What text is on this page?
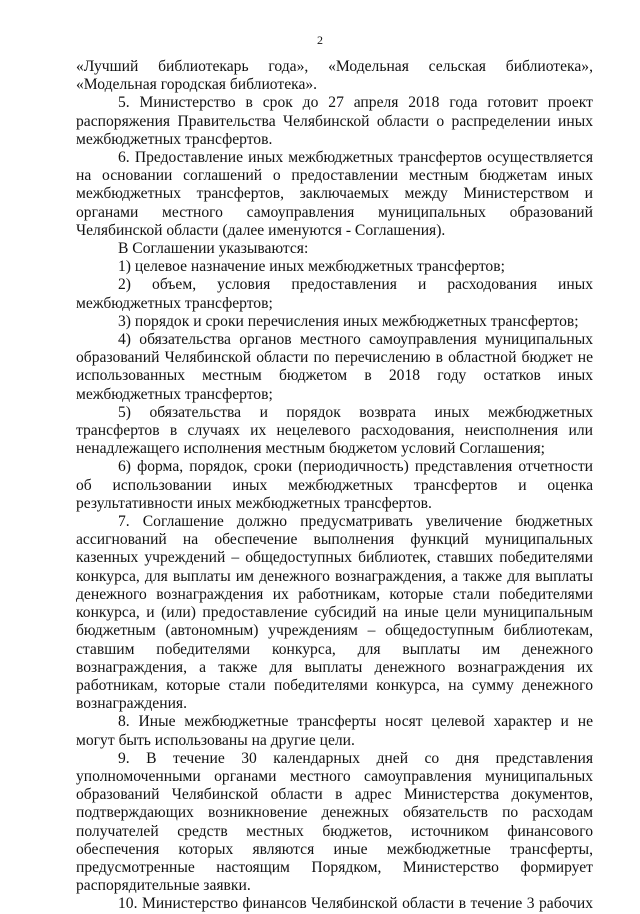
2

«Лучший библиотекарь года», «Модельная сельская библиотека», «Модельная городская библиотека».

5. Министерство в срок до 27 апреля 2018 года готовит проект распоряжения Правительства Челябинской области о распределении иных межбюджетных трансфертов.

6. Предоставление иных межбюджетных трансфертов осуществляется на основании соглашений о предоставлении местным бюджетам иных межбюджетных трансфертов, заключаемых между Министерством и органами местного самоуправления муниципальных образований Челябинской области (далее именуются - Соглашения).

В Соглашении указываются:

1) целевое назначение иных межбюджетных трансфертов;

2) объем, условия предоставления и расходования иных межбюджетных трансфертов;

3) порядок и сроки перечисления иных межбюджетных трансфертов;

4) обязательства органов местного самоуправления муниципальных образований Челябинской области по перечислению в областной бюджет не использованных местным бюджетом в 2018 году остатков иных межбюджетных трансфертов;

5) обязательства и порядок возврата иных межбюджетных трансфертов в случаях их нецелевого расходования, неисполнения или ненадлежащего исполнения местным бюджетом условий Соглашения;

6) форма, порядок, сроки (периодичность) представления отчетности об использовании иных межбюджетных трансфертов и оценка результативности иных межбюджетных трансфертов.

7. Соглашение должно предусматривать увеличение бюджетных ассигнований на обеспечение выполнения функций муниципальных казенных учреждений – общедоступных библиотек, ставших победителями конкурса, для выплаты им денежного вознаграждения, а также для выплаты денежного вознаграждения их работникам, которые стали победителями конкурса, и (или) предоставление субсидий на иные цели муниципальным бюджетным (автономным) учреждениям – общедоступным библиотекам, ставшим победителями конкурса, для выплаты им денежного вознаграждения, а также для выплаты денежного вознаграждения их работникам, которые стали победителями конкурса, на сумму денежного вознаграждения.

8. Иные межбюджетные трансферты носят целевой характер и не могут быть использованы на другие цели.

9. В течение 30 календарных дней со дня представления уполномоченными органами местного самоуправления муниципальных образований Челябинской области в адрес Министерства документов, подтверждающих возникновение денежных обязательств по расходам получателей средств местных бюджетов, источником финансового обеспечения которых являются иные межбюджетные трансферты, предусмотренные настоящим Порядком, Министерство формирует распорядительные заявки.

10. Министерство финансов Челябинской области в течение 3 рабочих
